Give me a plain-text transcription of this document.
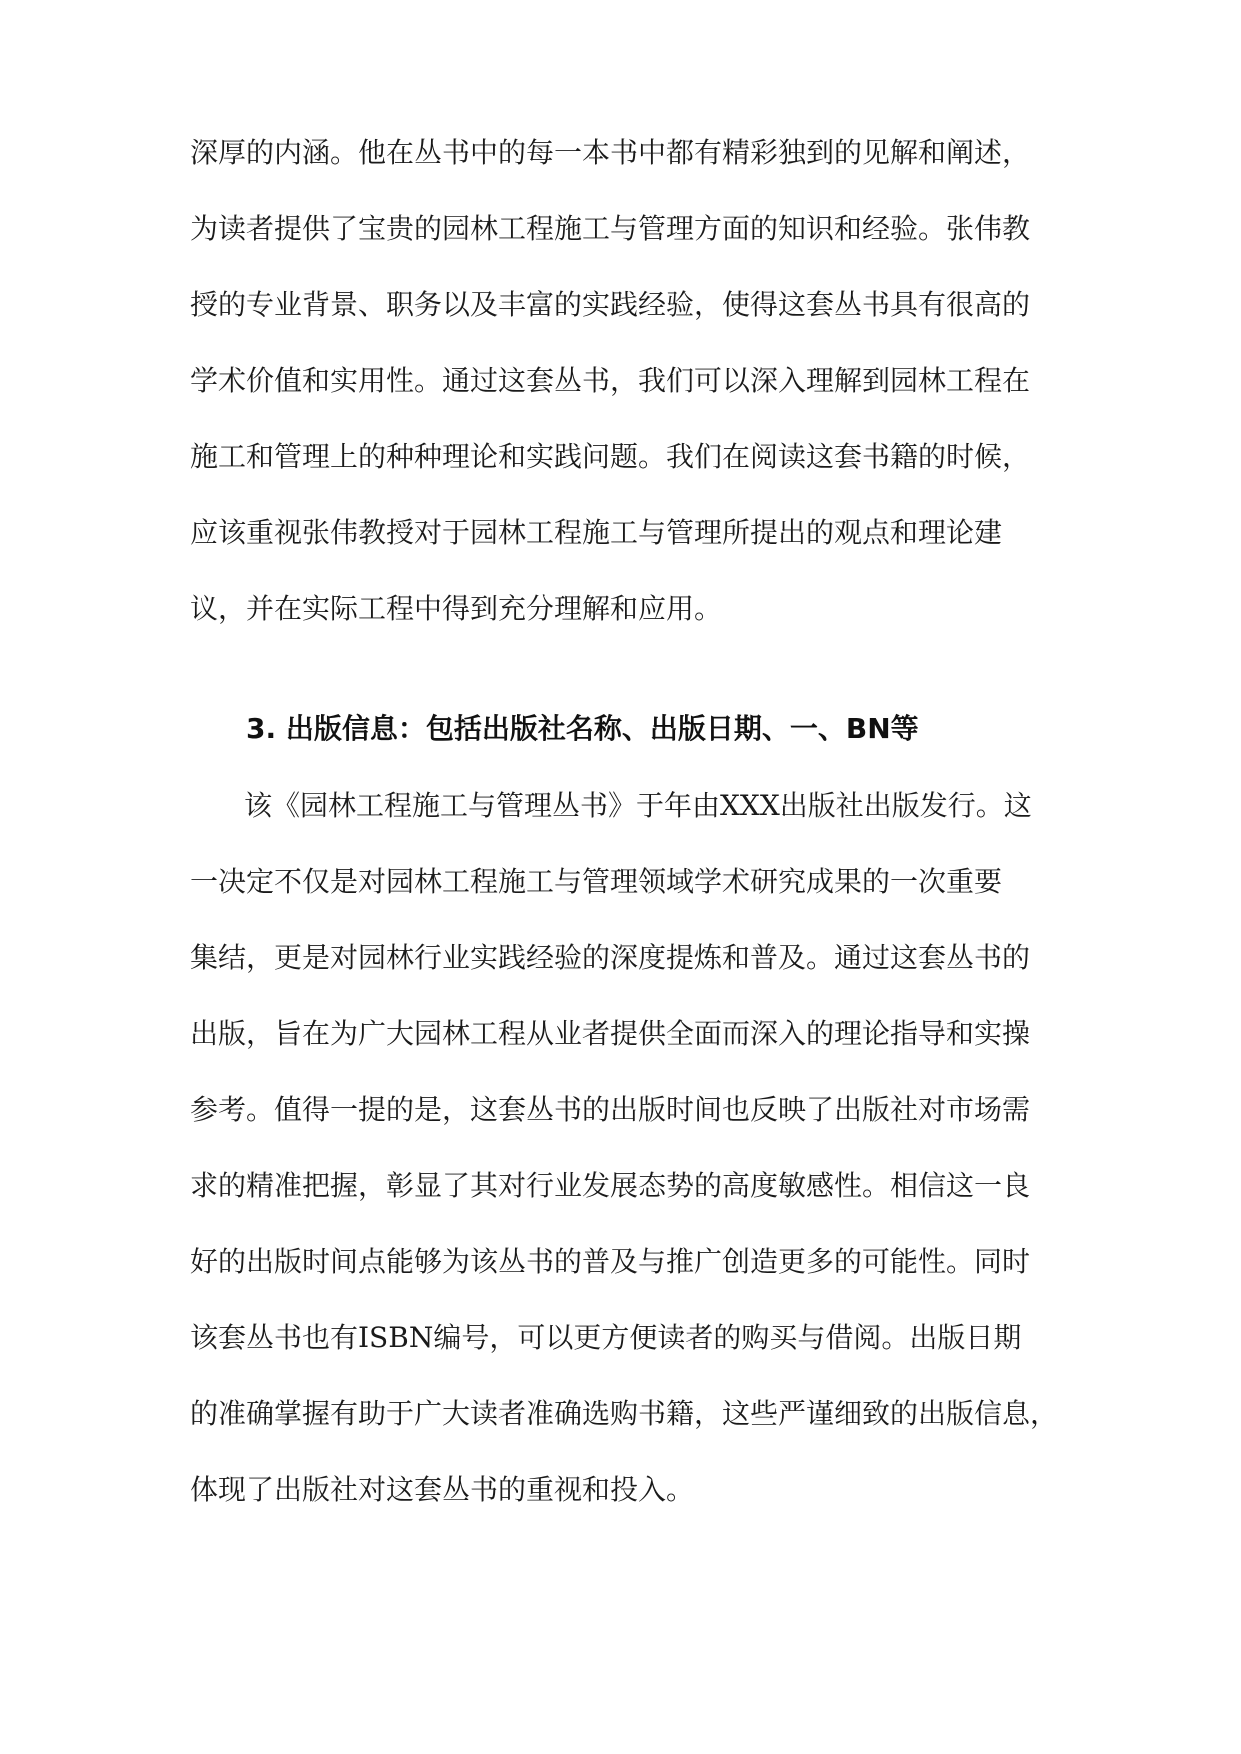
深厚的内涵。他在丛书中的每一本书中都有精彩独到的见解和阐述，
为读者提供了宝贵的园林工程施工与管理方面的知识和经验。张伟教
授的专业背景、职务以及丰富的实践经验，使得这套丛书具有很高的
学术价值和实用性。通过这套丛书，我们可以深入理解到园林工程在
施工和管理上的种种理论和实践问题。我们在阅读这套书籍的时候，
应该重视张伟教授对于园林工程施工与管理所提出的观点和理论建
议，并在实际工程中得到充分理解和应用。
3. 出版信息：包括出版社名称、出版日期、一、BN等
该《园林工程施工与管理丛书》于年由XXX出版社出版发行。这
一决定不仅是对园林工程施工与管理领域学术研究成果的一次重要
集结，更是对园林行业实践经验的深度提炼和普及。通过这套丛书的
出版，旨在为广大园林工程从业者提供全面而深入的理论指导和实操
参考。值得一提的是，这套丛书的出版时间也反映了出版社对市场需
求的精准把握，彰显了其对行业发展态势的高度敏感性。相信这一良
好的出版时间点能够为该丛书的普及与推广创造更多的可能性。同时
该套丛书也有ISBN编号，可以更方便读者的购买与借阅。出版日期
的准确掌握有助于广大读者准确选购书籍，这些严谨细致的出版信息，
体现了出版社对这套丛书的重视和投入。
